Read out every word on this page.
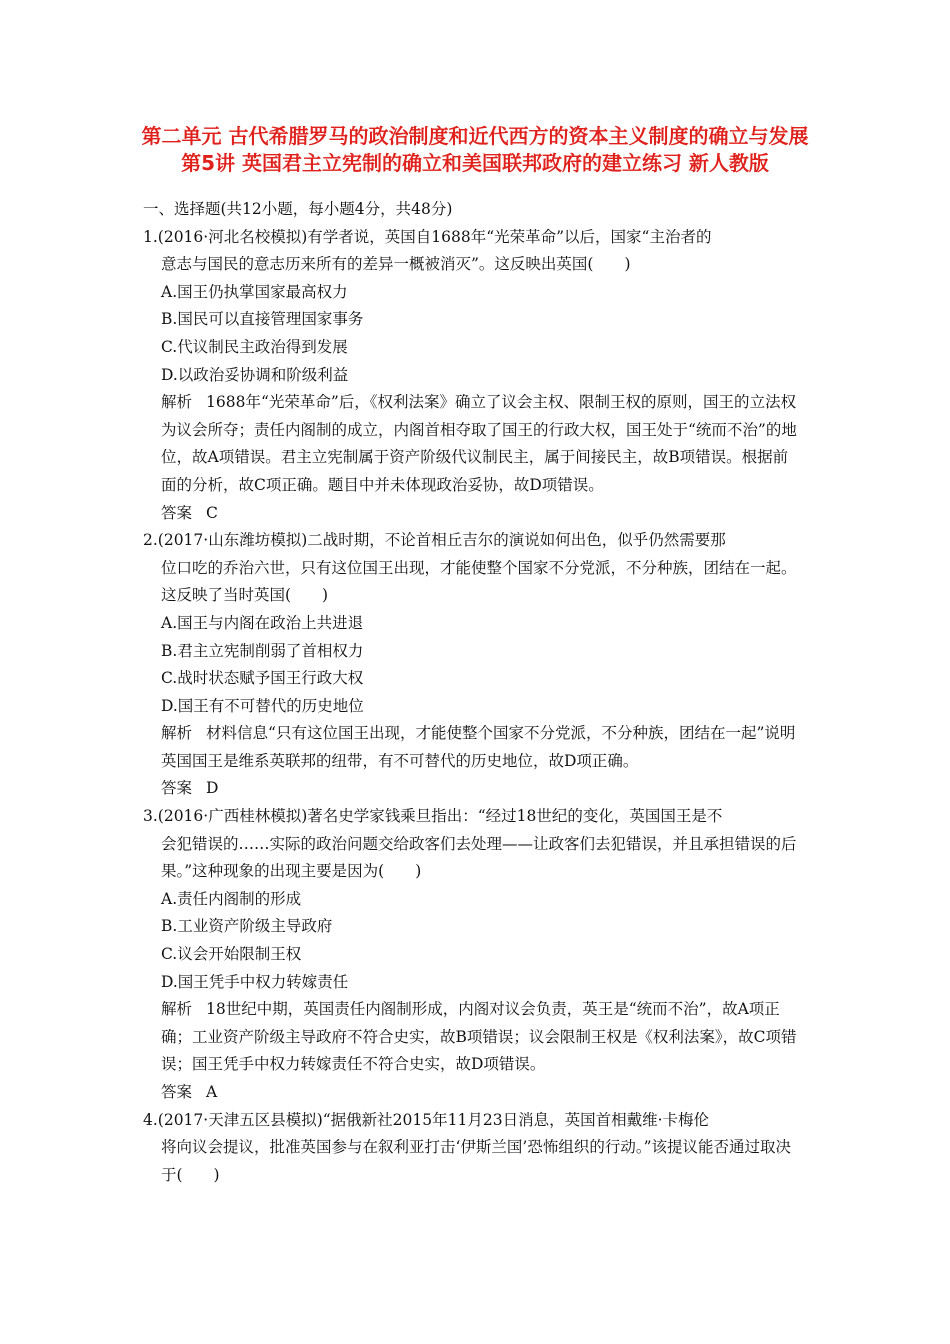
第二单元 古代希腊罗马的政治制度和近代西方的资本主义制度的确立与发展 第5讲 英国君主立宪制的确立和美国联邦政府的建立练习 新人教版
一、选择题(共12小题，每小题4分，共48分)
1.(2016·河北名校模拟)有学者说，英国自1688年“光荣革命”以后，国家“主治者的
意志与国民的意志历来所有的差异一概被消灭”。这反映出英国(　　)
A.国王仍执掌国家最高权力
B.国民可以直接管理国家事务
C.代议制民主政治得到发展
D.以政治妥协调和阶级利益
解析 1688年“光荣革命”后，《权利法案》确立了议会主权、限制王权的原则，国王的立法权为议会所夺；责任内阁制的成立，内阁首相夺取了国王的行政大权，国王处于“统而不治”的地位，故A项错误。君主立宪制属于资产阶级代议制民主，属于间接民主，故B项错误。根据前面的分析，故C项正确。题目中并未体现政治妥协，故D项错误。
答案 C
2.(2017·山东潍坊模拟)二战时期，不论首相丘吉尔的演说如何出色，似乎仍然需要那
位口吃的乔治六世，只有这位国王出现，才能使整个国家不分党派，不分种族，团结在一起。这反映了当时英国(　　)
A.国王与内阁在政治上共进退
B.君主立宪制削弱了首相权力
C.战时状态赋予国王行政大权
D.国王有不可替代的历史地位
解析 材料信息“只有这位国王出现，才能使整个国家不分党派，不分种族，团结在一起”说明英国国王是维系英联邦的纽带，有不可替代的历史地位，故D项正确。
答案 D
3.(2016·广西桂林模拟)著名史学家钱乘旦指出：“经过18世纪的变化，英国国王是不
会犯错误的……实际的政治问题交给政客们去处理——让政客们去犯错误，并且承担错误的后果。”这种现象的出现主要是因为(　　)
A.责任内阁制的形成
B.工业资产阶级主导政府
C.议会开始限制王权
D.国王凭手中权力转嫁责任
解析 18世纪中期，英国责任内阁制形成，内阁对议会负责，英王是“统而不治”，故A项正确；工业资产阶级主导政府不符合史实，故B项错误；议会限制王权是《权利法案》，故C项错误；国王凭手中权力转嫁责任不符合史实，故D项错误。
答案 A
4.(2017·天津五区县模拟)“据俄新社2015年11月23日消息，英国首相戴维·卡梅伦
将向议会提议，批准英国参与在叙利亚打击‘伊斯兰国’恐怖组织的行动。”该提议能否通过取决于(　　)
